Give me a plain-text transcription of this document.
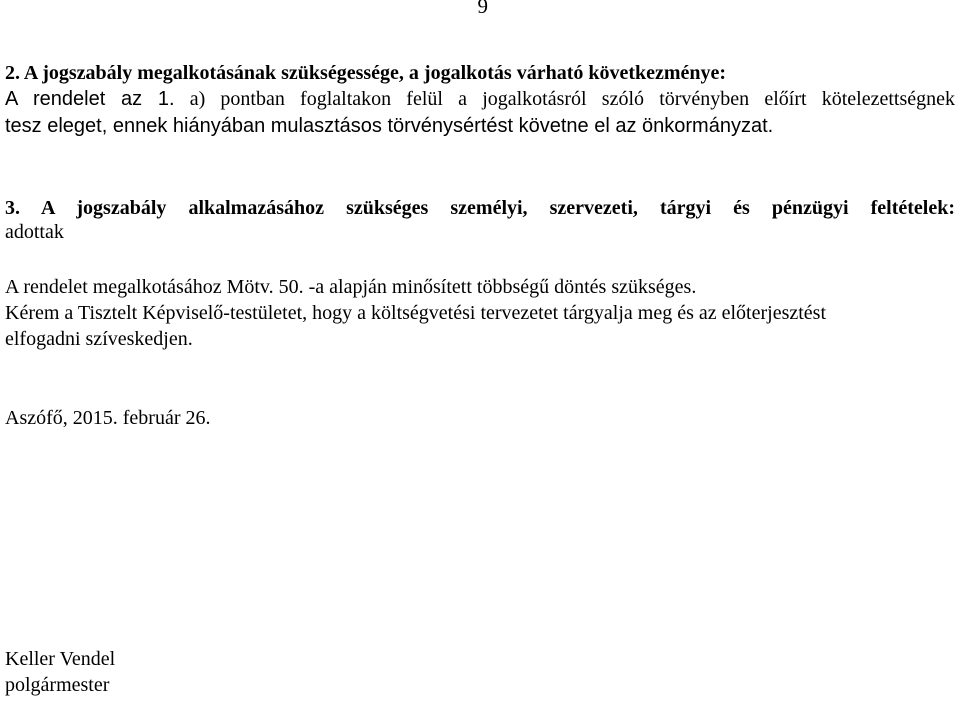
9
2. A jogszabály megalkotásának szükségessége, a jogalkotás várható következménye:
A rendelet az 1. a) pontban foglaltakon felül a jogalkotásról szóló törvényben előírt kötelezettségnek
tesz eleget, ennek hiányában mulasztásos törvénysértést követne el az önkormányzat.
3. A jogszabály alkalmazásához szükséges személyi, szervezeti, tárgyi és pénzügyi feltételek:
adottak
A rendelet megalkotásához Mötv. 50. -a alapján minősített többségű döntés szükséges.
Kérem a Tisztelt Képviselő-testületet, hogy a költségvetési tervezetet tárgyalja meg és az előterjesztést
elfogadni szíveskedjen.
Aszófő, 2015. február 26.
Keller Vendel
polgármester
